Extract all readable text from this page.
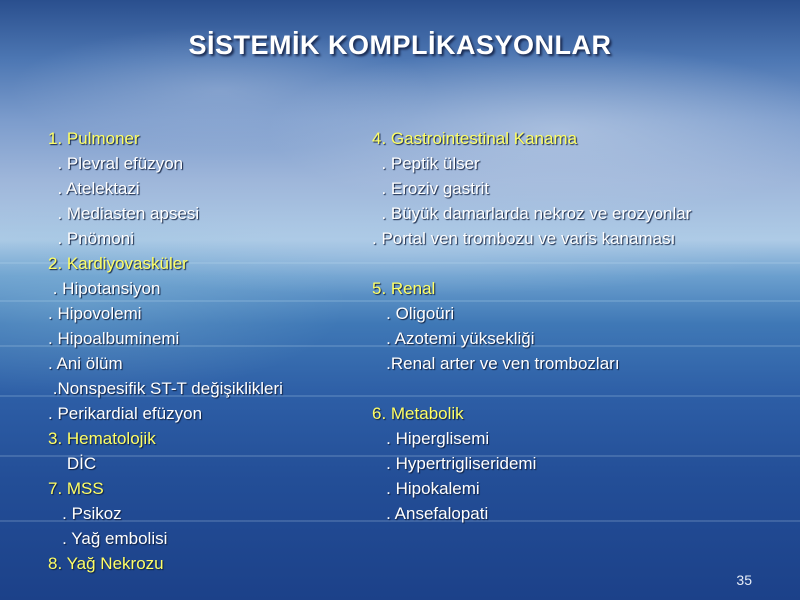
SİSTEMİK KOMPLİKASYONLAR
1. Pulmoner
. Plevral efüzyon
. Atelektazi
. Mediasten apsesi
. Pnömoni
2. Kardiyovasküler
. Hipotansiyon
. Hipovolemi
. Hipoalbuminemi
. Ani ölüm
.Nonspesifik ST-T değişiklikleri
. Perikardial efüzyon
3. Hematolojik
DİC
7. MSS
. Psikoz
. Yağ embolisi
8. Yağ Nekrozu
4. Gastrointestinal Kanama
. Peptik ülser
. Eroziv gastrit
. Büyük damarlarda nekroz ve erozyonlar
. Portal ven trombozu ve varis kanaması
5. Renal
. Oligoüri
. Azotemi yüksekliği
.Renal arter ve ven trombozları
6. Metabolik
. Hiperglisemi
. Hypertrigliseridemi
. Hipokalemi
. Ansefalopati
35
